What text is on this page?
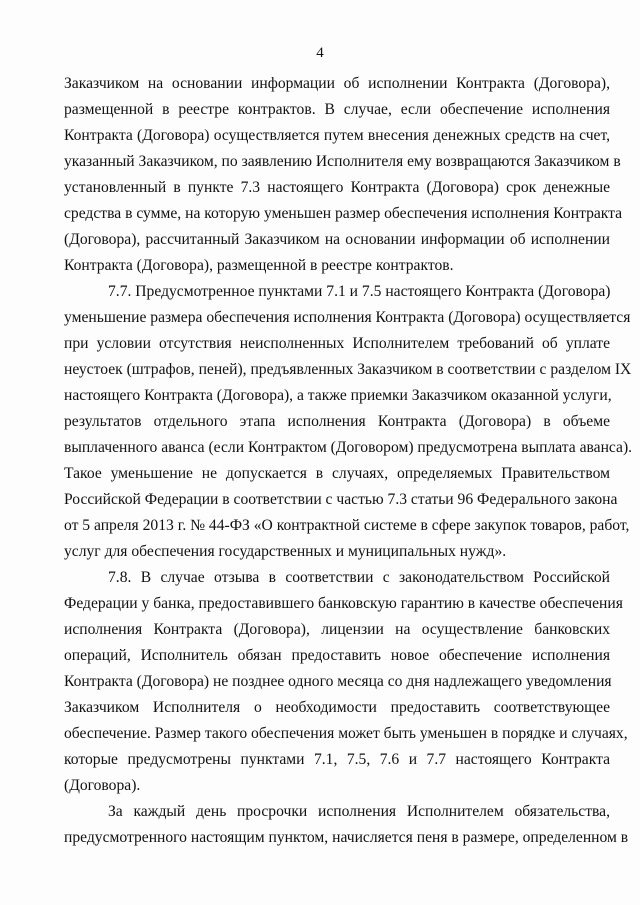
4
Заказчиком на основании информации об исполнении Контракта (Договора),
размещенной в реестре контрактов. В случае, если обеспечение исполнения
Контракта (Договора) осуществляется путем внесения денежных средств на счет,
указанный Заказчиком, по заявлению Исполнителя ему возвращаются Заказчиком в
установленный в пункте 7.3 настоящего Контракта (Договора) срок денежные
средства в сумме, на которую уменьшен размер обеспечения исполнения Контракта
(Договора), рассчитанный Заказчиком на основании информации об исполнении
Контракта (Договора), размещенной в реестре контрактов.
7.7. Предусмотренное пунктами 7.1 и 7.5 настоящего Контракта (Договора)
уменьшение размера обеспечения исполнения Контракта (Договора) осуществляется
при условии отсутствия неисполненных Исполнителем требований об уплате
неустоек (штрафов, пеней), предъявленных Заказчиком в соответствии с разделом IX
настоящего Контракта (Договора), а также приемки Заказчиком оказанной услуги,
результатов отдельного этапа исполнения Контракта (Договора) в объеме
выплаченного аванса (если Контрактом (Договором) предусмотрена выплата аванса).
Такое уменьшение не допускается в случаях, определяемых Правительством
Российской Федерации в соответствии с частью 7.3 статьи 96 Федерального закона
от 5 апреля 2013 г. № 44-ФЗ «О контрактной системе в сфере закупок товаров, работ,
услуг для обеспечения государственных и муниципальных нужд».
7.8. В случае отзыва в соответствии с законодательством Российской
Федерации у банка, предоставившего банковскую гарантию в качестве обеспечения
исполнения Контракта (Договора), лицензии на осуществление банковских
операций, Исполнитель обязан предоставить новое обеспечение исполнения
Контракта (Договора) не позднее одного месяца со дня надлежащего уведомления
Заказчиком Исполнителя о необходимости предоставить соответствующее
обеспечение. Размер такого обеспечения может быть уменьшен в порядке и случаях,
которые предусмотрены пунктами 7.1, 7.5, 7.6 и 7.7 настоящего Контракта
(Договора).
За каждый день просрочки исполнения Исполнителем обязательства,
предусмотренного настоящим пунктом, начисляется пеня в размере, определенном в
